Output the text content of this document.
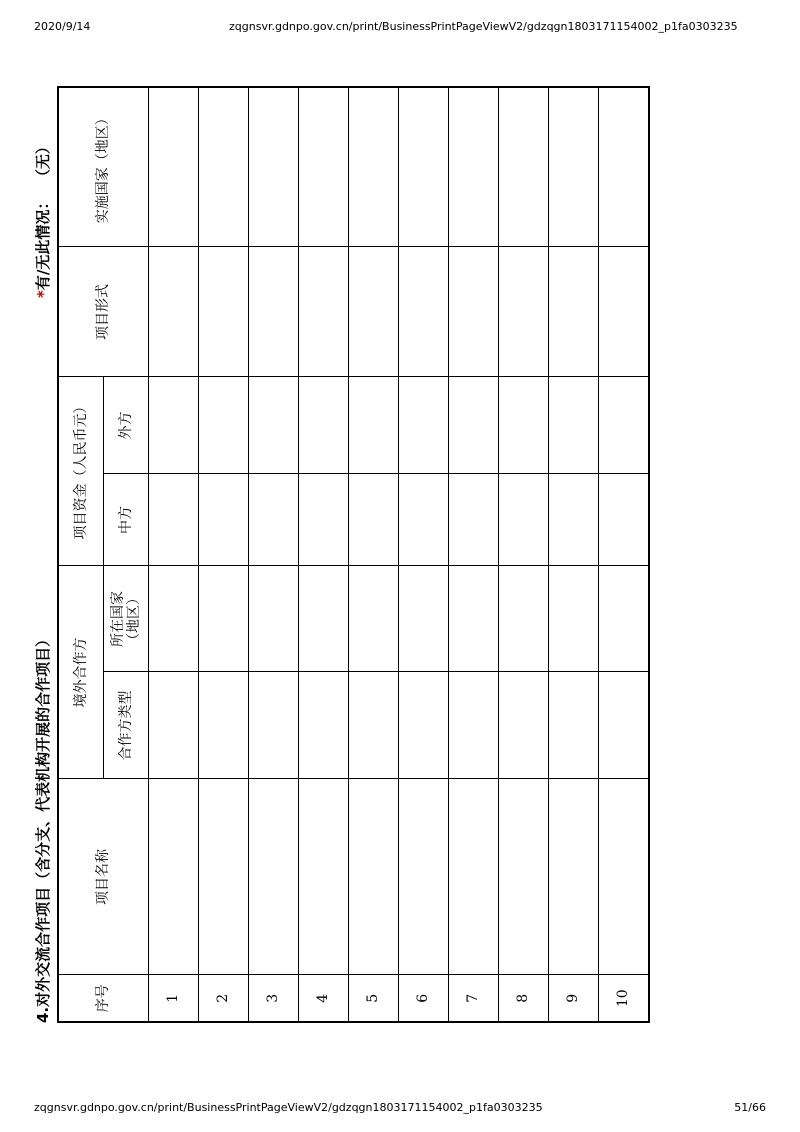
2020/9/14	zqgnsvr.gdnpo.gov.cn/print/BusinessPrintPageViewV2/gdzqgn1803171154002_p1fa0303235
4.对外交流合作项目（含分支、代表机构开展的合作项目）
*有/无此情况：（无）
序号	项目名称	境外合作方		项目资金（人民币元）		项目形式	实施国家（地区）
		合作方类型	所在国家（地区）	中方	外方		
1							
2							
3							
4							
5							
6							
7							
8							
9							
10							
zqgnsvr.gdnpo.gov.cn/print/BusinessPrintPageViewV2/gdzqgn1803171154002_p1fa0303235	51/66
